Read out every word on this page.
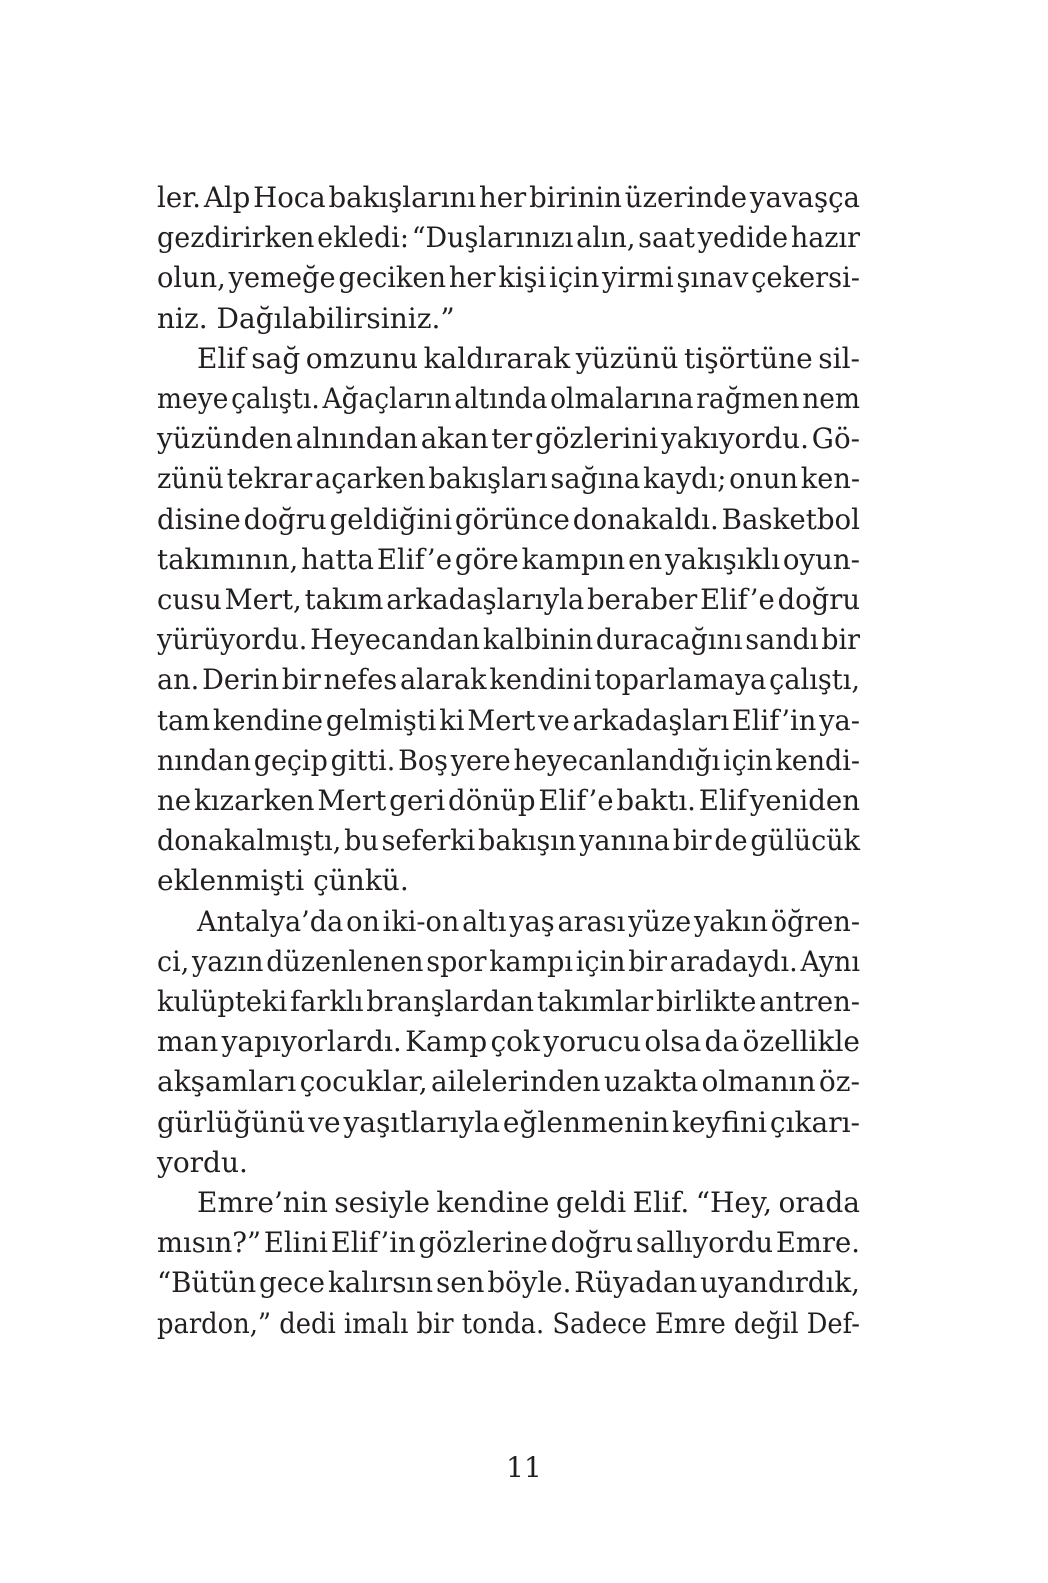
ler. Alp Hoca bakışlarını her birinin üzerinde yavaşça
gezdirirken ekledi: “Duşlarınızı alın, saat yedide hazır
olun, yemeğe geciken her kişi için yirmi şınav çekersi-
niz. Dağılabilirsiniz.”
Elif sağ omzunu kaldırarak yüzünü tişörtüne sil-
meye çalıştı. Ağaçların altında olmalarına rağmen nem
yüzünden alnından akan ter gözlerini yakıyordu. Gö-
zünü tekrar açarken bakışları sağına kaydı; onun ken-
disine doğru geldiğini görünce donakaldı. Basketbol
takımının, hatta Elif’e göre kampın en yakışıklı oyun-
cusu Mert, takım arkadaşlarıyla beraber Elif’e doğru
yürüyordu. Heyecandan kalbinin duracağını sandı bir
an. Derin bir nefes alarak kendini toparlamaya çalıştı,
tam kendine gelmişti ki Mert ve arkadaşları Elif’in ya-
nından geçip gitti. Boş yere heyecanlandığı için kendi-
ne kızarken Mert geri dönüp Elif’e baktı. Elif yeniden
donakalmıştı, bu seferki bakışın yanına bir de gülücük
eklenmişti çünkü.
Antalya’da on iki-on altı yaş arası yüze yakın öğren-
ci, yazın düzenlenen spor kampı için bir aradaydı. Aynı
kulüpteki farklı branşlardan takımlar birlikte antren-
man yapıyorlardı. Kamp çok yorucu olsa da özellikle
akşamları çocuklar, ailelerinden uzakta olmanın öz-
gürlüğünü ve yaşıtlarıyla eğlenmenin keyfini çıkarı-
yordu.
Emre’nin sesiyle kendine geldi Elif. “Hey, orada
mısın?” Elini Elif’in gözlerine doğru sallıyordu Emre.
“Bütün gece kalırsın sen böyle. Rüyadan uyandırdık,
pardon,” dedi imalı bir tonda. Sadece Emre değil Def-
11
